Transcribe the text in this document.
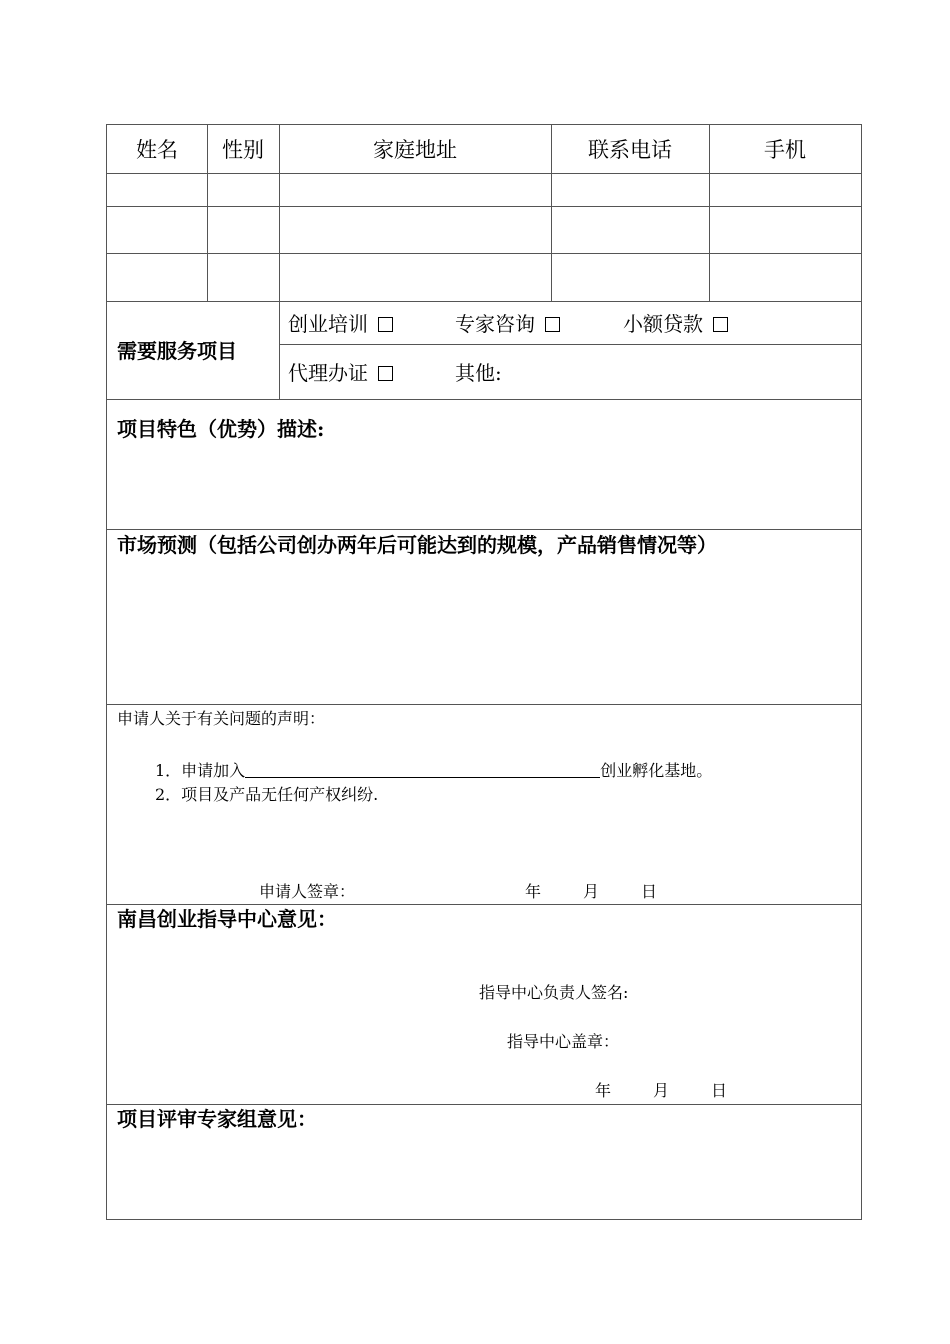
姓名	性别	家庭地址	联系电话	手机
需要服务项目
创业培训	专家咨询	小额贷款
代理办证	其他:
项目特色（优势）描述:
市场预测（包括公司创办两年后可能达到的规模，产品销售情况等）
申请人关于有关问题的声明：
1．申请加入	创业孵化基地。
2．项目及产品无任何产权纠纷.
申请人签章：	年	月	日
南昌创业指导中心意见：
指导中心负责人签名:
指导中心盖章：
年	月	日
项目评审专家组意见：
